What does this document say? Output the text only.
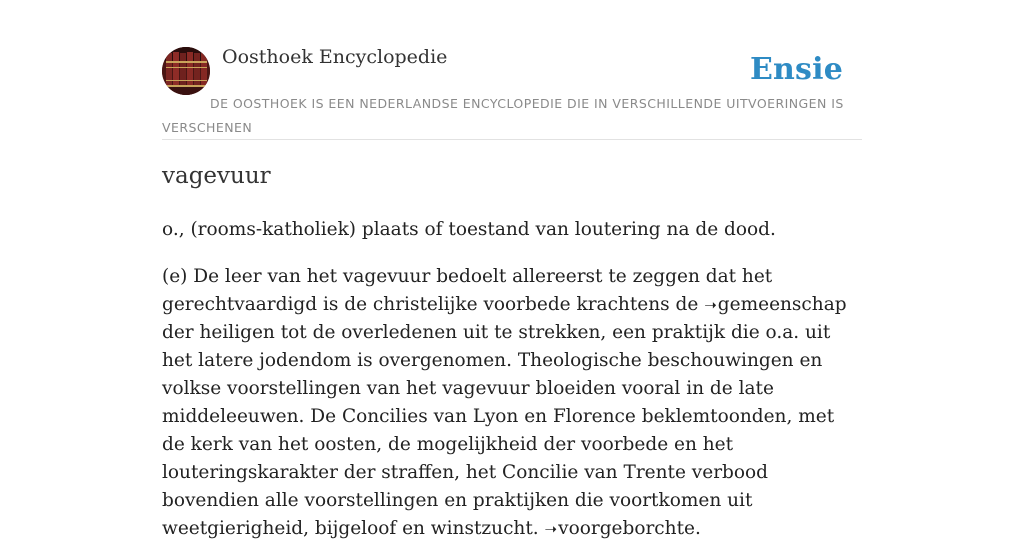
Oosthoek Encyclopedie	Ensie
DE OOSTHOEK IS EEN NEDERLANDSE ENCYCLOPEDIE DIE IN VERSCHILLENDE UITVOERINGEN IS VERSCHENEN
vagevuur

o., (rooms-katholiek) plaats of toestand van loutering na de dood.

(e) De leer van het vagevuur bedoelt allereerst te zeggen dat het gerechtvaardigd is de christelijke voorbede krachtens de ➝gemeenschap der heiligen tot de overledenen uit te strekken, een praktijk die o.a. uit het latere jodendom is overgenomen. Theologische beschouwingen en volkse voorstellingen van het vagevuur bloeiden vooral in de late middeleeuwen. De Concilies van Lyon en Florence beklemtoonden, met de kerk van het oosten, de mogelijkheid der voorbede en het louteringskarakter der straffen, het Concilie van Trente verbood bovendien alle voorstellingen en praktijken die voortkomen uit weetgierigheid, bijgeloof en winstzucht. ➝voorgeborchte.
